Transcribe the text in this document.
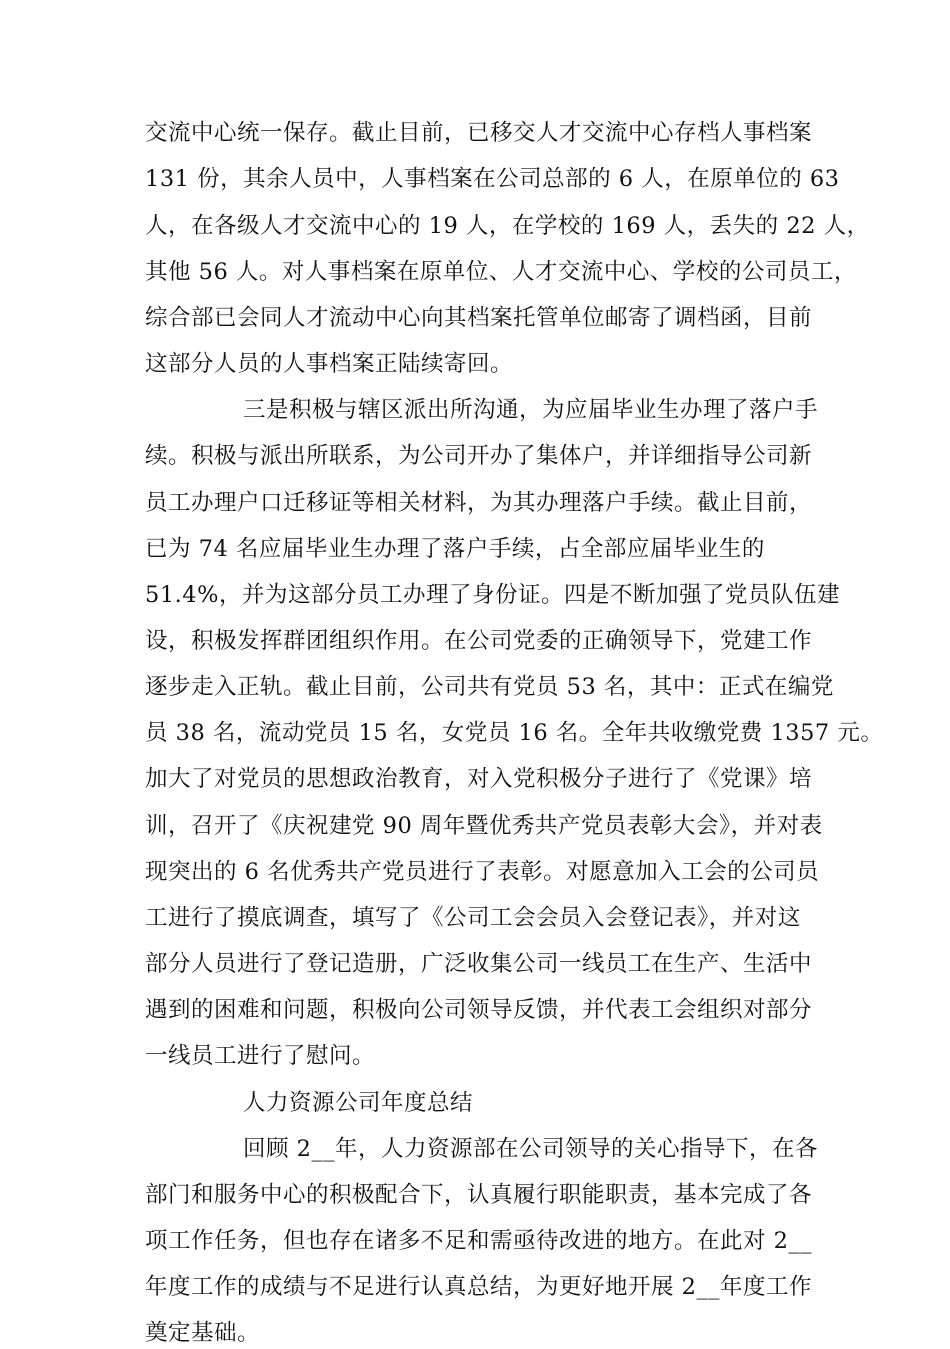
交流中心统一保存。截止目前，已移交人才交流中心存档人事档案
131 份，其余人员中，人事档案在公司总部的 6 人，在原单位的 63
人，在各级人才交流中心的 19 人，在学校的 169 人，丢失的 22 人，
其他 56 人。对人事档案在原单位、人才交流中心、学校的公司员工，
综合部已会同人才流动中心向其档案托管单位邮寄了调档函，目前
这部分人员的人事档案正陆续寄回。
三是积极与辖区派出所沟通，为应届毕业生办理了落户手
续。积极与派出所联系，为公司开办了集体户，并详细指导公司新
员工办理户口迁移证等相关材料，为其办理落户手续。截止目前，
已为 74 名应届毕业生办理了落户手续，占全部应届毕业生的
51.4%，并为这部分员工办理了身份证。四是不断加强了党员队伍建
设，积极发挥群团组织作用。在公司党委的正确领导下，党建工作
逐步走入正轨。截止目前，公司共有党员 53 名，其中：正式在编党
员 38 名，流动党员 15 名，女党员 16 名。全年共收缴党费 1357 元。
加大了对党员的思想政治教育，对入党积极分子进行了《党课》培
训，召开了《庆祝建党 90 周年暨优秀共产党员表彰大会》，并对表
现突出的 6 名优秀共产党员进行了表彰。对愿意加入工会的公司员
工进行了摸底调查，填写了《公司工会会员入会登记表》，并对这
部分人员进行了登记造册，广泛收集公司一线员工在生产、生活中
遇到的困难和问题，积极向公司领导反馈，并代表工会组织对部分
一线员工进行了慰问。
人力资源公司年度总结
回顾 2__年，人力资源部在公司领导的关心指导下，在各
部门和服务中心的积极配合下，认真履行职能职责，基本完成了各
项工作任务，但也存在诸多不足和需亟待改进的地方。在此对 2__
年度工作的成绩与不足进行认真总结，为更好地开展 2__年度工作
奠定基础。
